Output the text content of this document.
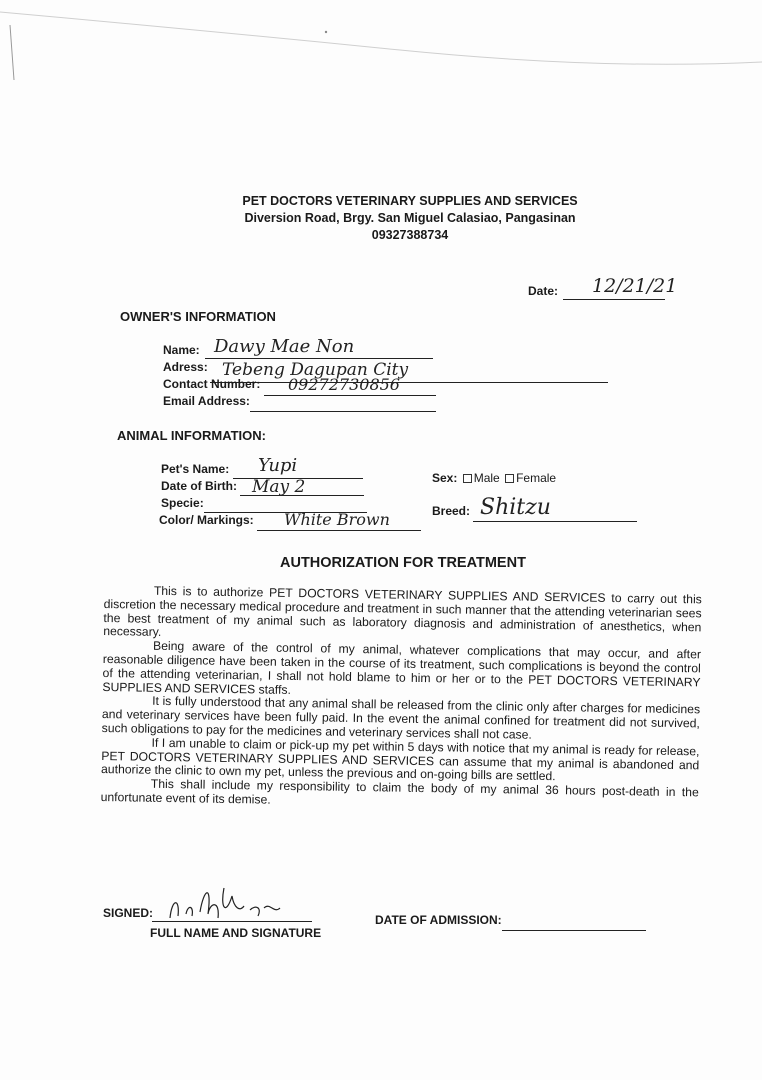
PET DOCTORS VETERINARY SUPPLIES AND SERVICES
Diversion Road, Brgy. San Miguel Calasiao, Pangasinan
09327388734
Date: 12/21/21
OWNER'S INFORMATION
Name: Dawy Mae Non
Adress: Tebeng Dagupan City
Contact Number: 09272730856
Email Address:
ANIMAL INFORMATION:
Pet's Name: Yupi
Date of Birth: May 2
Specie:
Color/ Markings: White Brown
Sex: Male Female
Breed: Shitzu
AUTHORIZATION FOR TREATMENT

This is to authorize PET DOCTORS VETERINARY SUPPLIES AND SERVICES to carry out this discretion the necessary medical procedure and treatment in such manner that the attending veterinarian sees the best treatment of my animal such as laboratory diagnosis and administration of anesthetics, when necessary.

Being aware of the control of my animal, whatever complications that may occur, and after reasonable diligence have been taken in the course of its treatment, such complications is beyond the control of the attending veterinarian, I shall not hold blame to him or her or to the PET DOCTORS VETERINARY SUPPLIES AND SERVICES staffs.

It is fully understood that any animal shall be released from the clinic only after charges for medicines and veterinary services have been fully paid. In the event the animal confined for treatment did not survived, such obligations to pay for the medicines and veterinary services shall not case.

If I am unable to claim or pick-up my pet within 5 days with notice that my animal is ready for release, PET DOCTORS VETERINARY SUPPLIES AND SERVICES can assume that my animal is abandoned and authorize the clinic to own my pet, unless the previous and on-going bills are settled.

This shall include my responsibility to claim the body of my animal 36 hours post-death in the unfortunate event of its demise.

SIGNED:
FULL NAME AND SIGNATURE
DATE OF ADMISSION:
